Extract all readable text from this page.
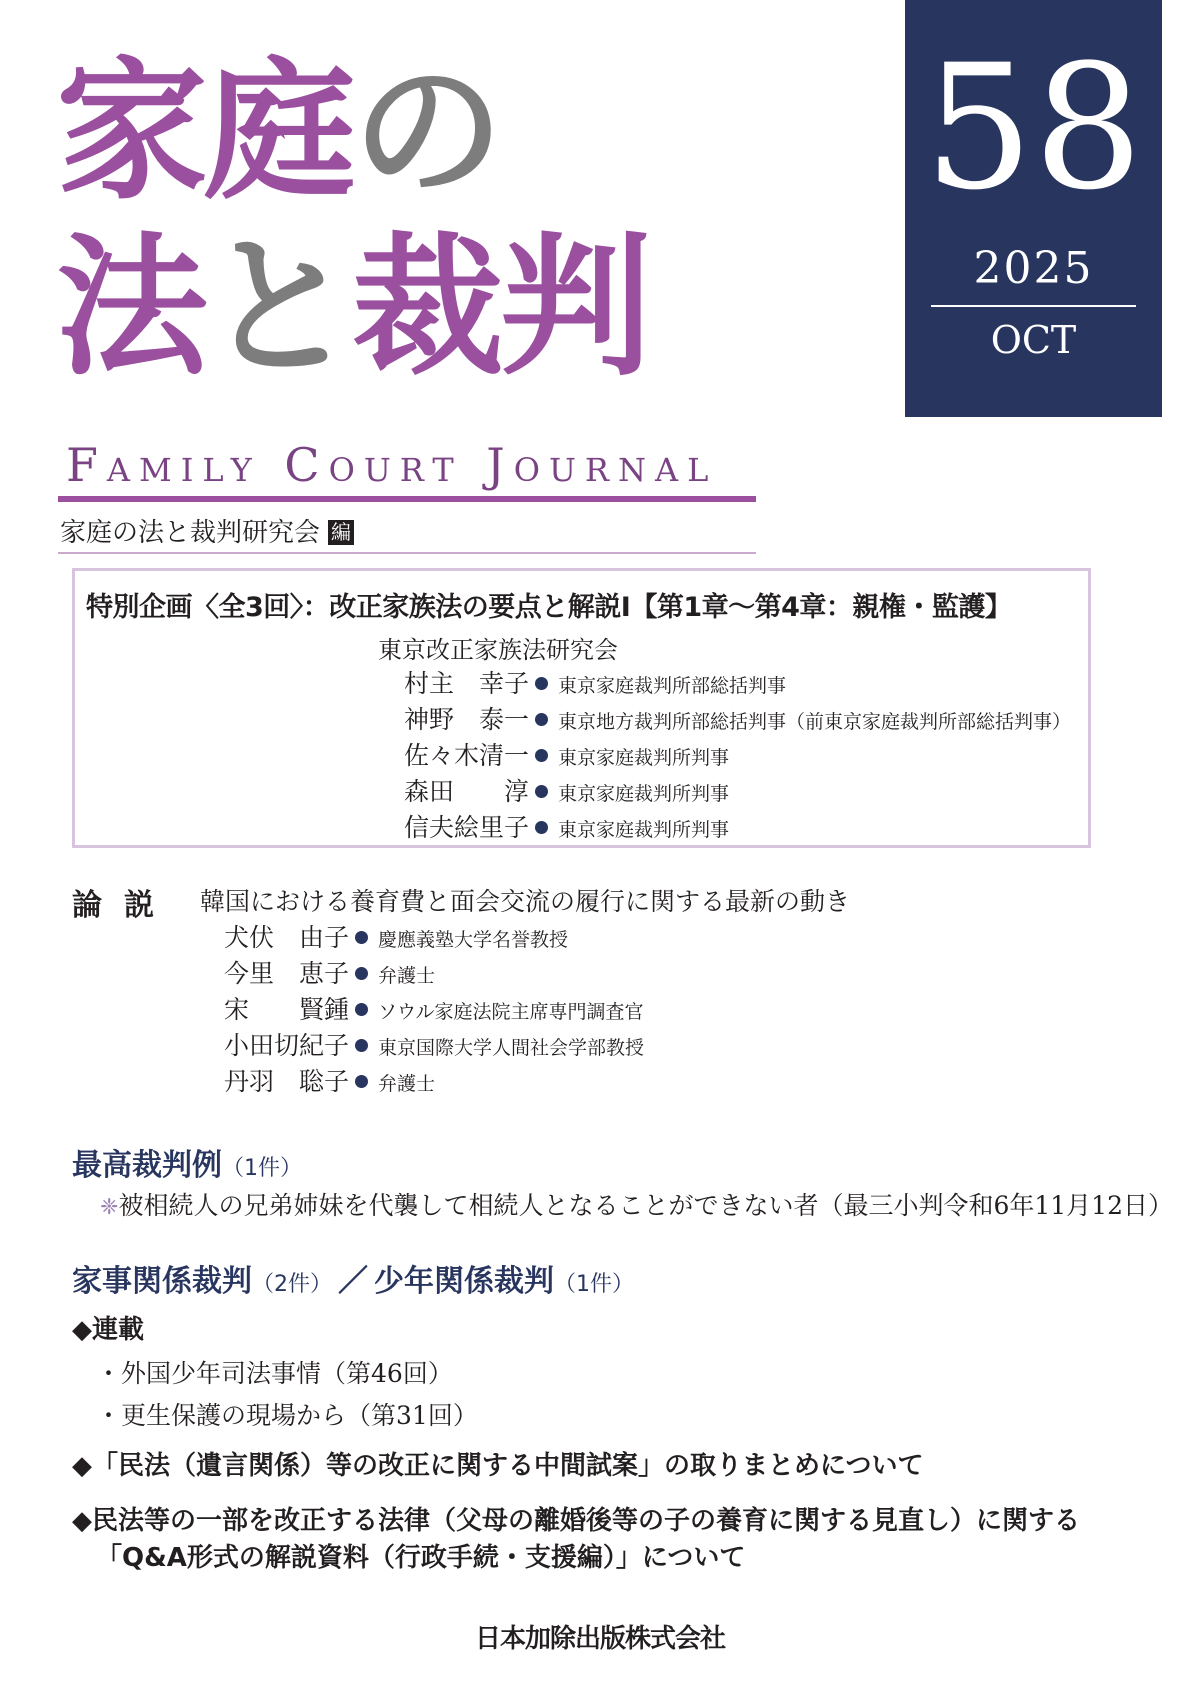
58
2025
OCT
家庭の
法と裁判
Family Court Journal
家庭の法と裁判研究会 編
特別企画〈全3回〉：改正家族法の要点と解説Ⅰ【第1章〜第4章：親権・監護】
東京改正家族法研究会
村主　幸子 東京家庭裁判所部総括判事
神野　泰一 東京地方裁判所部総括判事（前東京家庭裁判所部総括判事）
佐々木清一 東京家庭裁判所判事
森田　　淳 東京家庭裁判所判事
信夫絵里子 東京家庭裁判所判事
論説 韓国における養育費と面会交流の履行に関する最新の動き
犬伏　由子 慶應義塾大学名誉教授
今里　恵子 弁護士
宋　　賢鍾 ソウル家庭法院主席専門調査官
小田切紀子 東京国際大学人間社会学部教授
丹羽　聡子 弁護士
最高裁判例（1件）
❈被相続人の兄弟姉妹を代襲して相続人となることができない者（最三小判令和6年11月12日）
家事関係裁判（2件） ／ 少年関係裁判（1件）
◆連載
・外国少年司法事情（第46回）
・更生保護の現場から（第31回）
◆「民法（遺言関係）等の改正に関する中間試案」の取りまとめについて
◆民法等の一部を改正する法律（父母の離婚後等の子の養育に関する見直し）に関する
「Q&A形式の解説資料（行政手続・支援編）」について
日本加除出版株式会社
